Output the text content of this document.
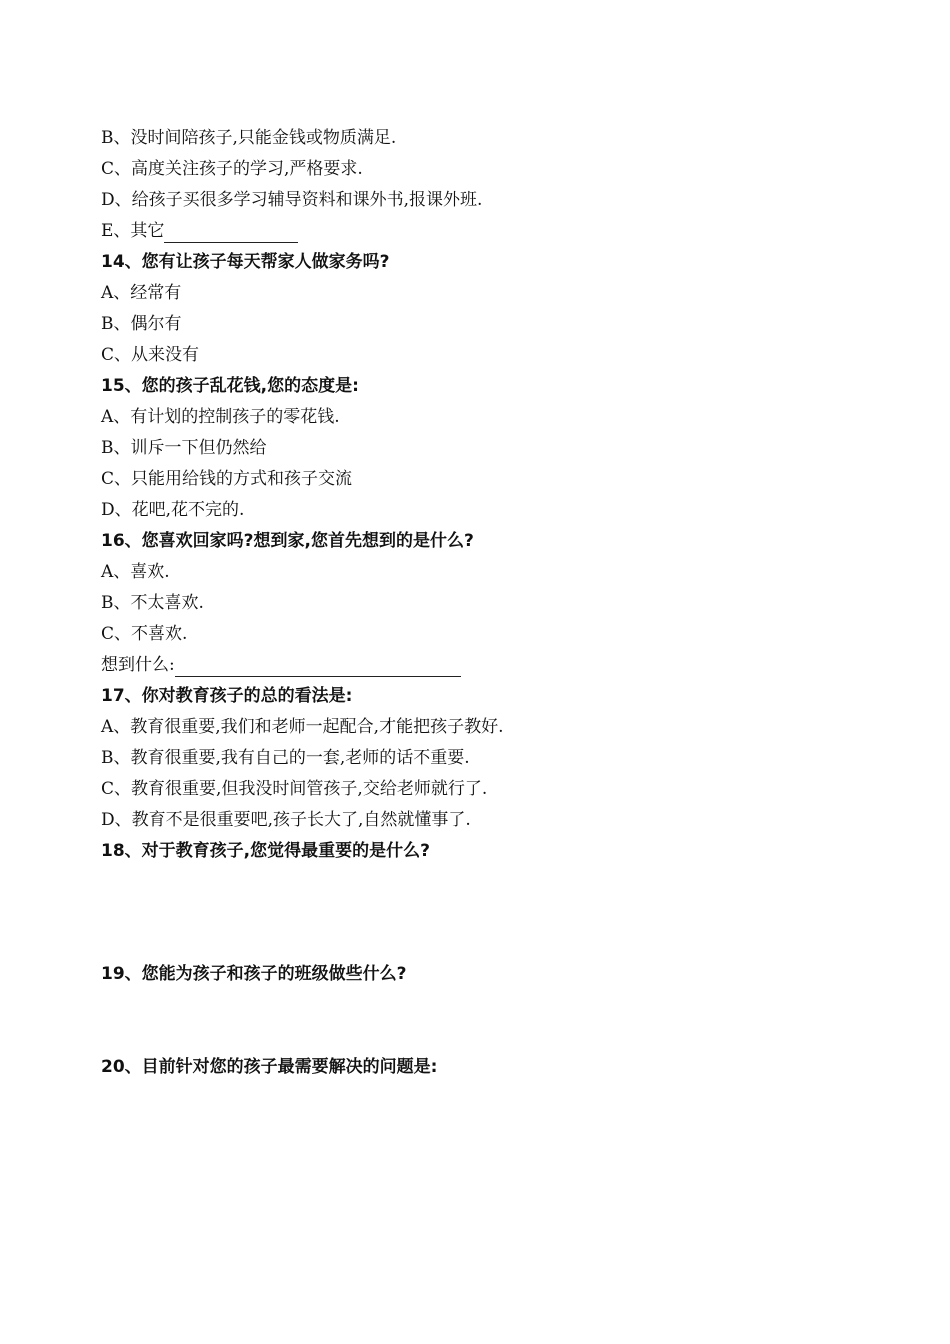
B、没时间陪孩子,只能金钱或物质满足.
C、高度关注孩子的学习,严格要求.
D、给孩子买很多学习辅导资料和课外书,报课外班.
E、其它
14、您有让孩子每天帮家人做家务吗?
A、经常有
B、偶尔有
C、从来没有
15、您的孩子乱花钱,您的态度是:
A、有计划的控制孩子的零花钱.
B、训斥一下但仍然给
C、只能用给钱的方式和孩子交流
D、花吧,花不完的.
16、您喜欢回家吗?想到家,您首先想到的是什么?
A、喜欢.
B、不太喜欢.
C、不喜欢.
想到什么:
17、你对教育孩子的总的看法是:
A、教育很重要,我们和老师一起配合,才能把孩子教好.
B、教育很重要,我有自己的一套,老师的话不重要.
C、教育很重要,但我没时间管孩子,交给老师就行了.
D、教育不是很重要吧,孩子长大了,自然就懂事了.
18、对于教育孩子,您觉得最重要的是什么?
19、您能为孩子和孩子的班级做些什么?
20、目前针对您的孩子最需要解决的问题是:
